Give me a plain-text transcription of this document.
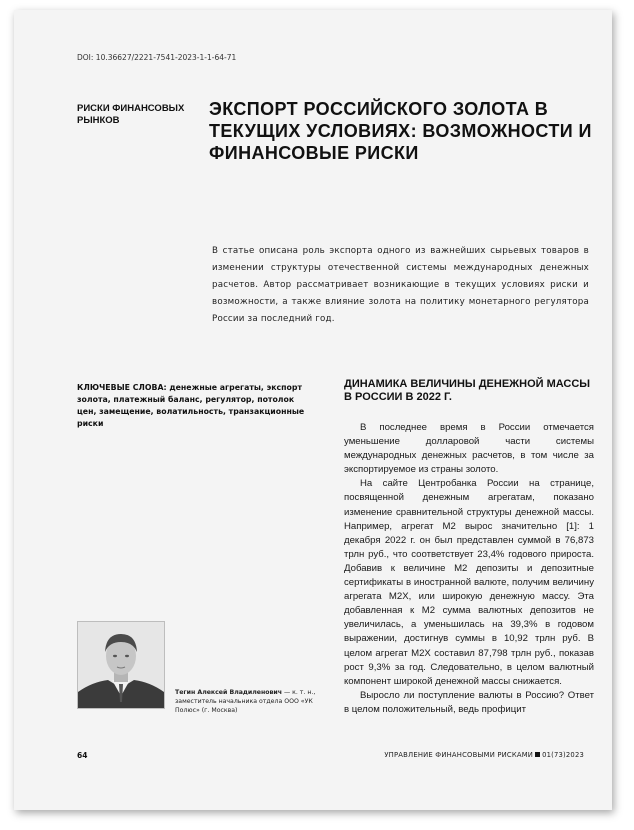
DOI: 10.36627/2221-7541-2023-1-1-64-71
РИСКИ ФИНАНСОВЫХ РЫНКОВ
ЭКСПОРТ РОССИЙСКОГО ЗОЛОТА В ТЕКУЩИХ УСЛОВИЯХ: ВОЗМОЖНОСТИ И ФИНАНСОВЫЕ РИСКИ
В статье описана роль экспорта одного из важнейших сырьевых товаров в изменении структуры отечественной системы международных денежных расчетов. Автор рассматривает возникающие в текущих условиях риски и возможности, а также влияние золота на политику монетарного регулятора России за последний год.
КЛЮЧЕВЫЕ СЛОВА: денежные агрегаты, экспорт золота, платежный баланс, регулятор, потолок цен, замещение, волатильность, транзакционные риски
Тегин Алексей Владиленович — к. т. н., заместитель начальника отдела ООО «УК Полюс» (г. Москва)
ДИНАМИКА ВЕЛИЧИНЫ ДЕНЕЖНОЙ МАССЫ В РОССИИ В 2022 Г.

В последнее время в России отмечается уменьшение долларовой части системы международных денежных расчетов, в том числе за экспортируемое из страны золото.

На сайте Центробанка России на странице, посвященной денежным агрегатам, показано изменение сравнительной структуры денежной массы. Например, агрегат М2 вырос значительно [1]: 1 декабря 2022 г. он был представлен суммой в 76,873 трлн руб., что соответствует 23,4% годового прироста. Добавив к величине М2 депозиты и депозитные сертификаты в иностранной валюте, получим величину агрегата М2Х, или широкую денежную массу. Эта добавленная к М2 сумма валютных депозитов не увеличилась, а уменьшилась на 39,3% в годовом выражении, достигнув суммы в 10,92 трлн руб. В целом агрегат М2Х составил 87,798 трлн руб., показав рост 9,3% за год. Следовательно, в целом валютный компонент широкой денежной массы снижается.

Выросло ли поступление валюты в Россию? Ответ в целом положительный, ведь профицит

64	УПРАВЛЕНИЕ ФИНАНСОВЫМИ РИСКАМИ 01(73)2023
